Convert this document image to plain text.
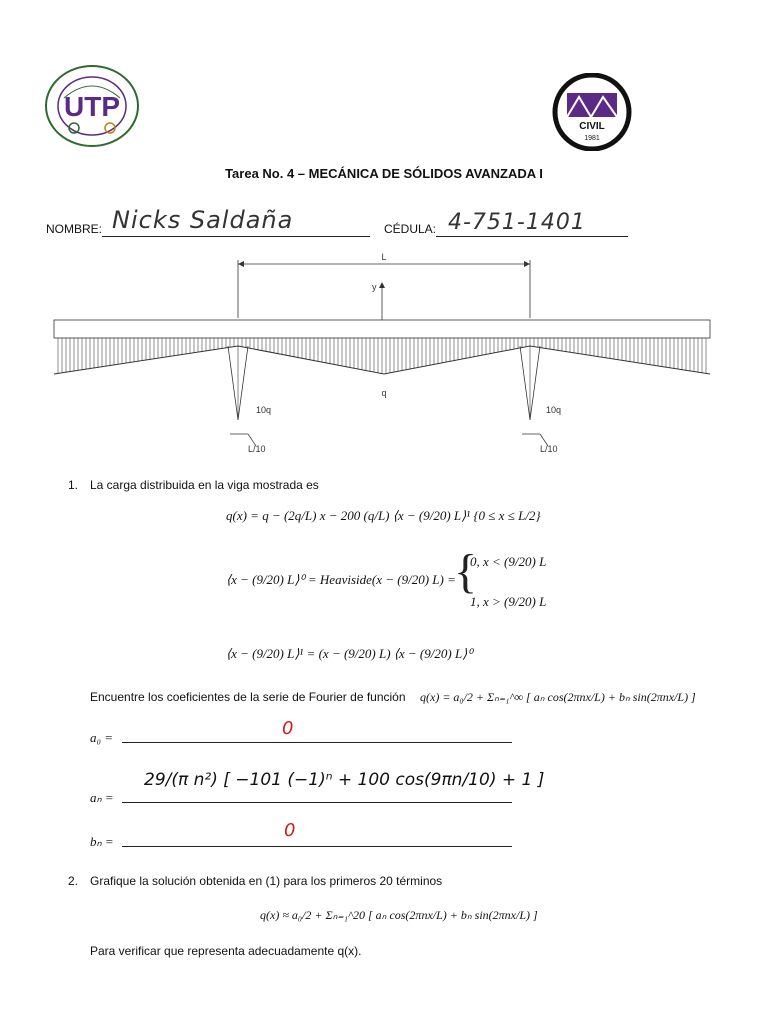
UTP
CIVIL
1981
Tarea No. 4 – MECÁNICA DE SÓLIDOS AVANZADA I
NOMBRE: Nicks Saldaña	CÉDULA: 4-751-1401
L
y
q
10q	10q
L/10	L/10
1. La carga distribuida en la viga mostrada es
q(x) = q − (2q/L) x − 200 (q/L) ⟨x − (9/20) L⟩¹ {0 ≤ x ≤ L/2}
⟨x − (9/20) L⟩⁰ = Heaviside(x − (9/20) L) =
{
0, x < (9/20) L
1, x > (9/20) L
⟨x − (9/20) L⟩¹ = (x − (9/20) L) ⟨x − (9/20) L⟩⁰
Encuentre los coeficientes de la serie de Fourier de función q(x) = a₀/2 + Σₙ₌₁^∞ [ aₙ cos(2πnx/L) + bₙ sin(2πnx/L) ]
a₀ =	0
aₙ =
29/(π n²) [ −101 (−1)ⁿ + 100 cos(9πn/10) + 1 ]
bₙ =
0
2. Grafique la solución obtenida en (1) para los primeros 20 términos
q(x) ≈ a₀/2 + Σₙ₌₁^20 [ aₙ cos(2πnx/L) + bₙ sin(2πnx/L) ]
Para verificar que representa adecuadamente q(x).
